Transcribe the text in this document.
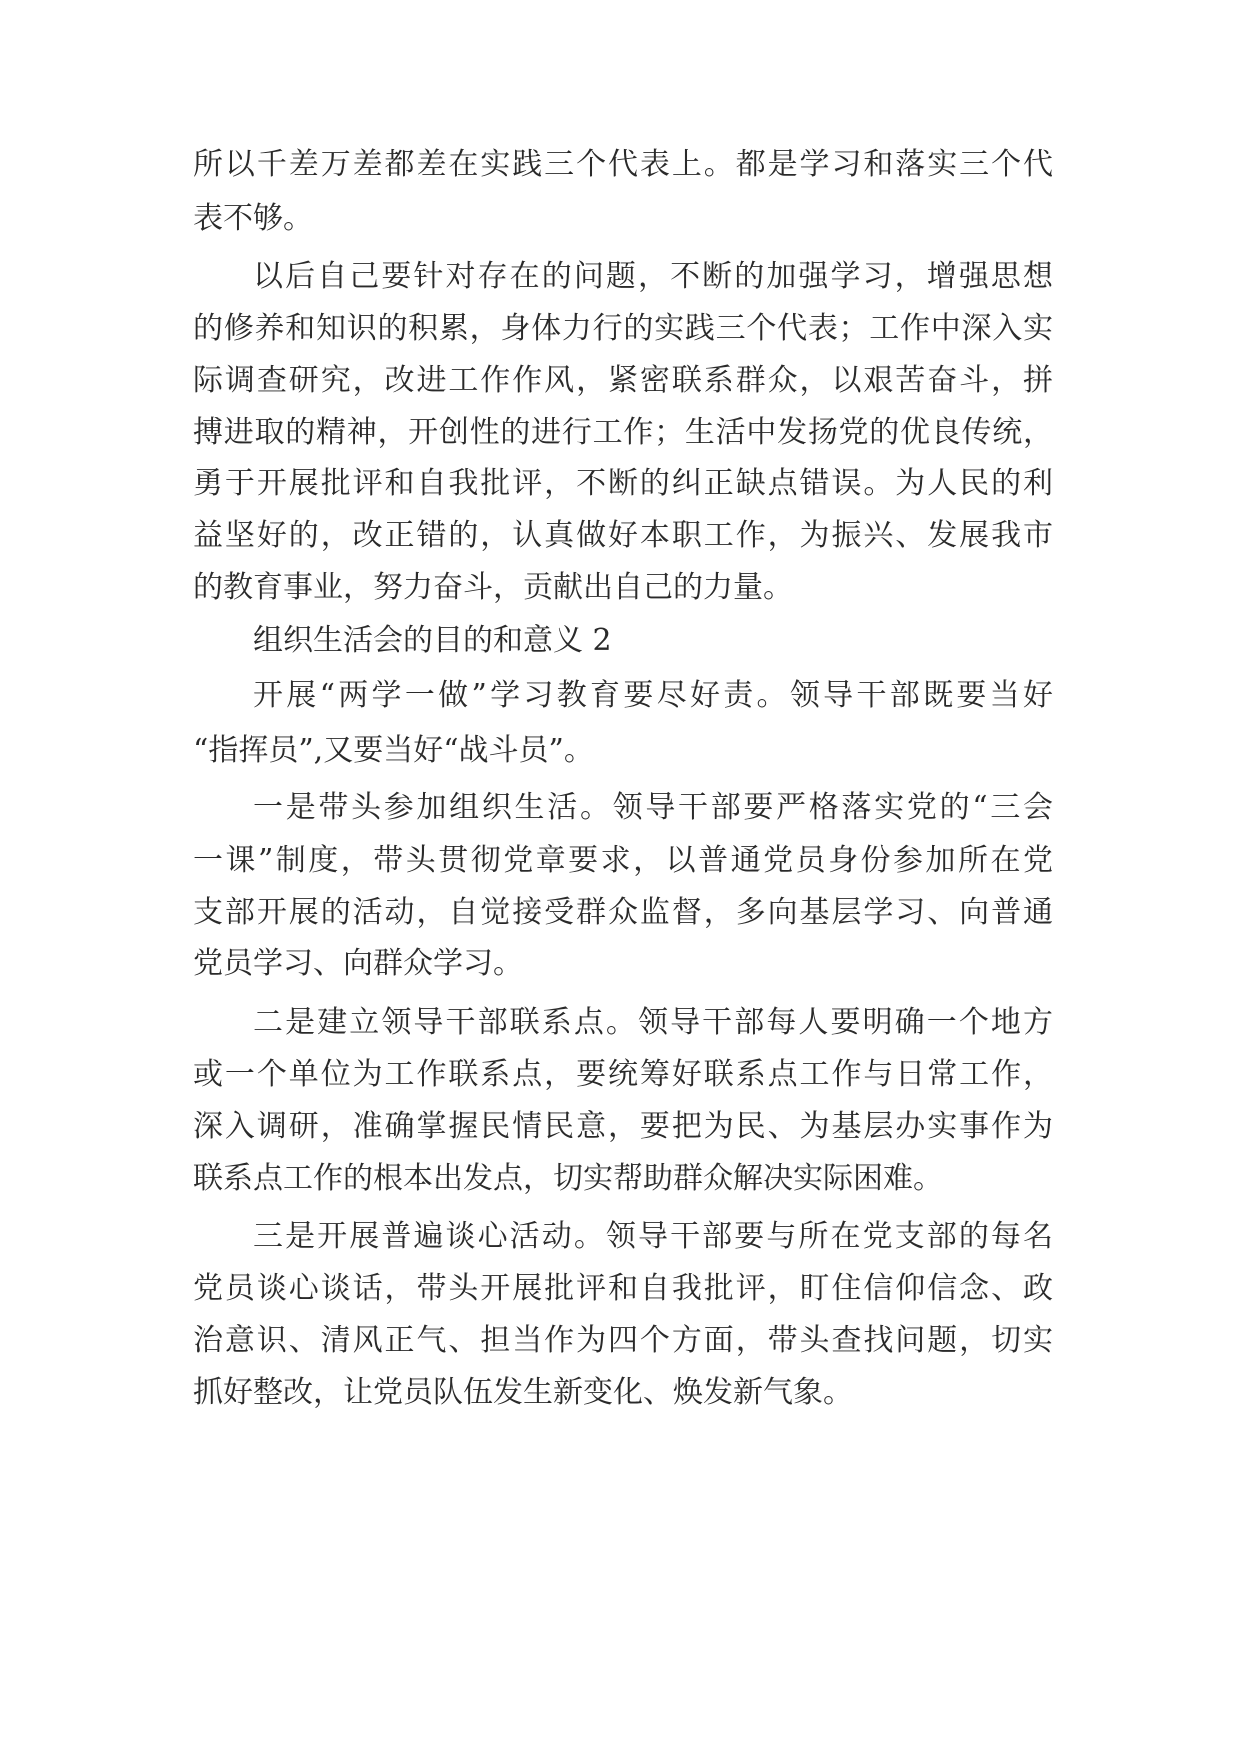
所以千差万差都差在实践三个代表上。都是学习和落实三个代
表不够。
以后自己要针对存在的问题，不断的加强学习，增强思想
的修养和知识的积累，身体力行的实践三个代表；工作中深入实
际调查研究，改进工作作风，紧密联系群众，以艰苦奋斗，拼
搏进取的精神，开创性的进行工作；生活中发扬党的优良传统，
勇于开展批评和自我批评，不断的纠正缺点错误。为人民的利
益坚好的，改正错的，认真做好本职工作，为振兴、发展我市
的教育事业，努力奋斗，贡献出自己的力量。
组织生活会的目的和意义 2
开展“两学一做”学习教育要尽好责。领导干部既要当好
“指挥员”,又要当好“战斗员”。
一是带头参加组织生活。领导干部要严格落实党的“三会
一课”制度，带头贯彻党章要求，以普通党员身份参加所在党
支部开展的活动，自觉接受群众监督，多向基层学习、向普通
党员学习、向群众学习。
二是建立领导干部联系点。领导干部每人要明确一个地方
或一个单位为工作联系点，要统筹好联系点工作与日常工作，
深入调研，准确掌握民情民意，要把为民、为基层办实事作为
联系点工作的根本出发点，切实帮助群众解决实际困难。
三是开展普遍谈心活动。领导干部要与所在党支部的每名
党员谈心谈话，带头开展批评和自我批评，盯住信仰信念、政
治意识、清风正气、担当作为四个方面，带头查找问题，切实
抓好整改，让党员队伍发生新变化、焕发新气象。
